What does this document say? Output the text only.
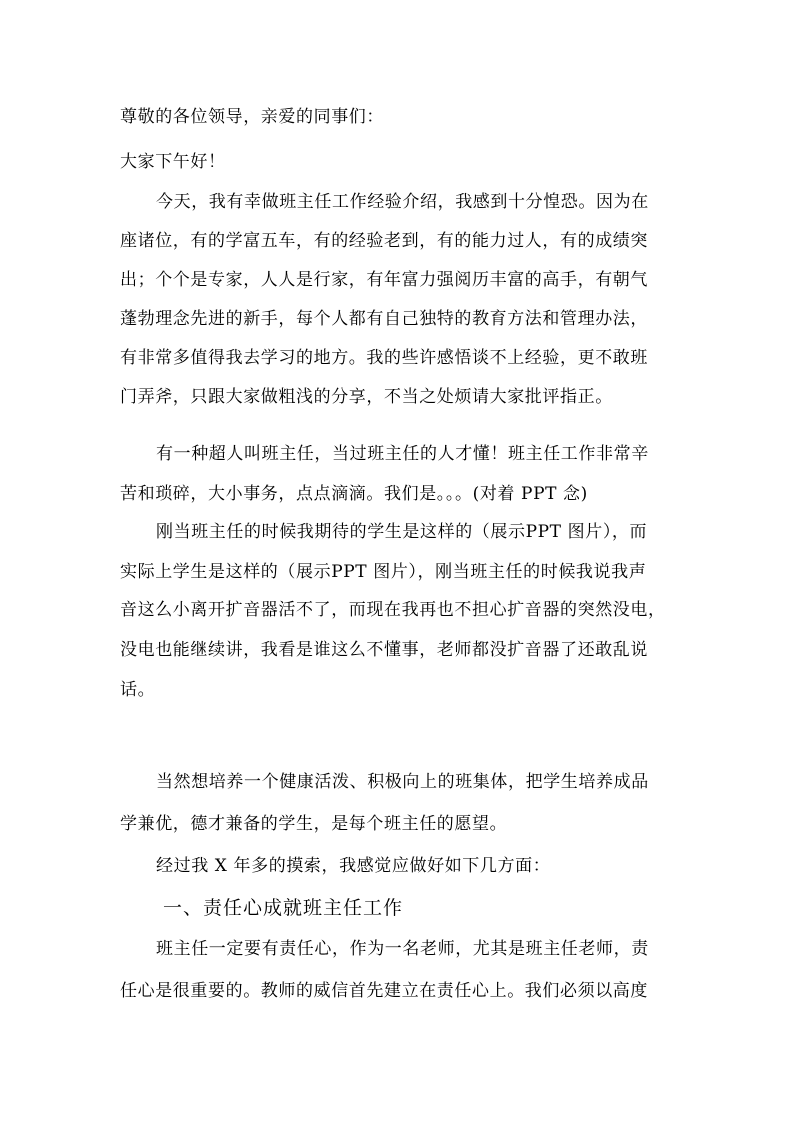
尊敬的各位领导，亲爱的同事们：
大家下午好！
今天，我有幸做班主任工作经验介绍，我感到十分惶恐。因为在
座诸位，有的学富五车，有的经验老到，有的能力过人，有的成绩突
出；个个是专家，人人是行家，有年富力强阅历丰富的高手，有朝气
蓬勃理念先进的新手，每个人都有自己独特的教育方法和管理办法，
有非常多值得我去学习的地方。我的些许感悟谈不上经验，更不敢班
门弄斧，只跟大家做粗浅的分享，不当之处烦请大家批评指正。
有一种超人叫班主任，当过班主任的人才懂！班主任工作非常辛
苦和琐碎，大小事务，点点滴滴。我们是。。。(对着 PPT 念)
刚当班主任的时候我期待的学生是这样的（展示PPT 图片），而
实际上学生是这样的（展示PPT 图片），刚当班主任的时候我说我声
音这么小离开扩音器活不了，而现在我再也不担心扩音器的突然没电，
没电也能继续讲，我看是谁这么不懂事，老师都没扩音器了还敢乱说
话。
当然想培养一个健康活泼、积极向上的班集体，把学生培养成品
学兼优，德才兼备的学生，是每个班主任的愿望。
经过我 X 年多的摸索，我感觉应做好如下几方面：
一、责任心成就班主任工作
班主任一定要有责任心，作为一名老师，尤其是班主任老师，责
任心是很重要的。教师的威信首先建立在责任心上。我们必须以高度
